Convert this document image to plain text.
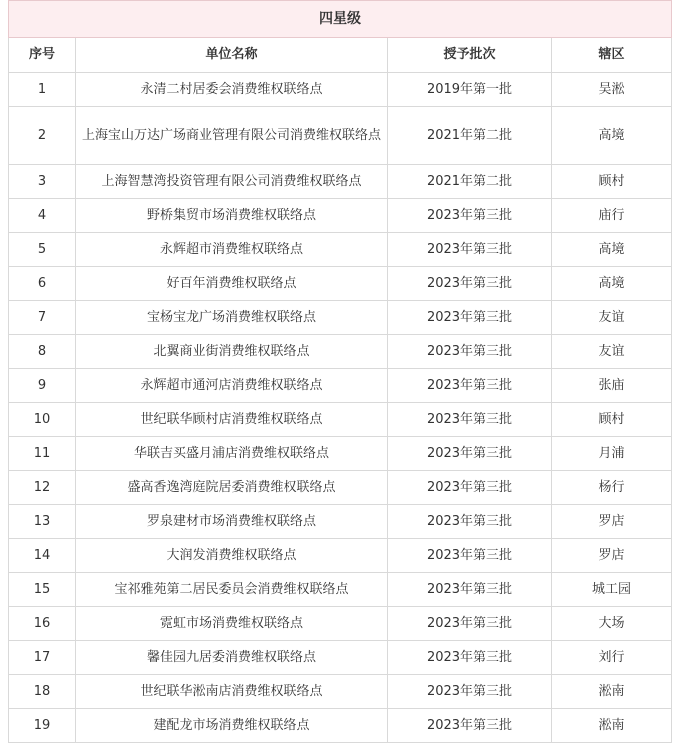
四星级			
序号	单位名称	授予批次	辖区
1	永清二村居委会消费维权联络点	2019年第一批	吴淞
2	上海宝山万达广场商业管理有限公司消费维权联络点	2021年第二批	高境
3	上海智慧湾投资管理有限公司消费维权联络点	2021年第二批	顾村
4	野桥集贸市场消费维权联络点	2023年第三批	庙行
5	永辉超市消费维权联络点	2023年第三批	高境
6	好百年消费维权联络点	2023年第三批	高境
7	宝杨宝龙广场消费维权联络点	2023年第三批	友谊
8	北翼商业街消费维权联络点	2023年第三批	友谊
9	永辉超市通河店消费维权联络点	2023年第三批	张庙
10	世纪联华顾村店消费维权联络点	2023年第三批	顾村
11	华联吉买盛月浦店消费维权联络点	2023年第三批	月浦
12	盛高香逸湾庭院居委消费维权联络点	2023年第三批	杨行
13	罗泉建材市场消费维权联络点	2023年第三批	罗店
14	大润发消费维权联络点	2023年第三批	罗店
15	宝祁雅苑第二居民委员会消费维权联络点	2023年第三批	城工园
16	霓虹市场消费维权联络点	2023年第三批	大场
17	馨佳园九居委消费维权联络点	2023年第三批	刘行
18	世纪联华淞南店消费维权联络点	2023年第三批	淞南
19	建配龙市场消费维权联络点	2023年第三批	淞南
